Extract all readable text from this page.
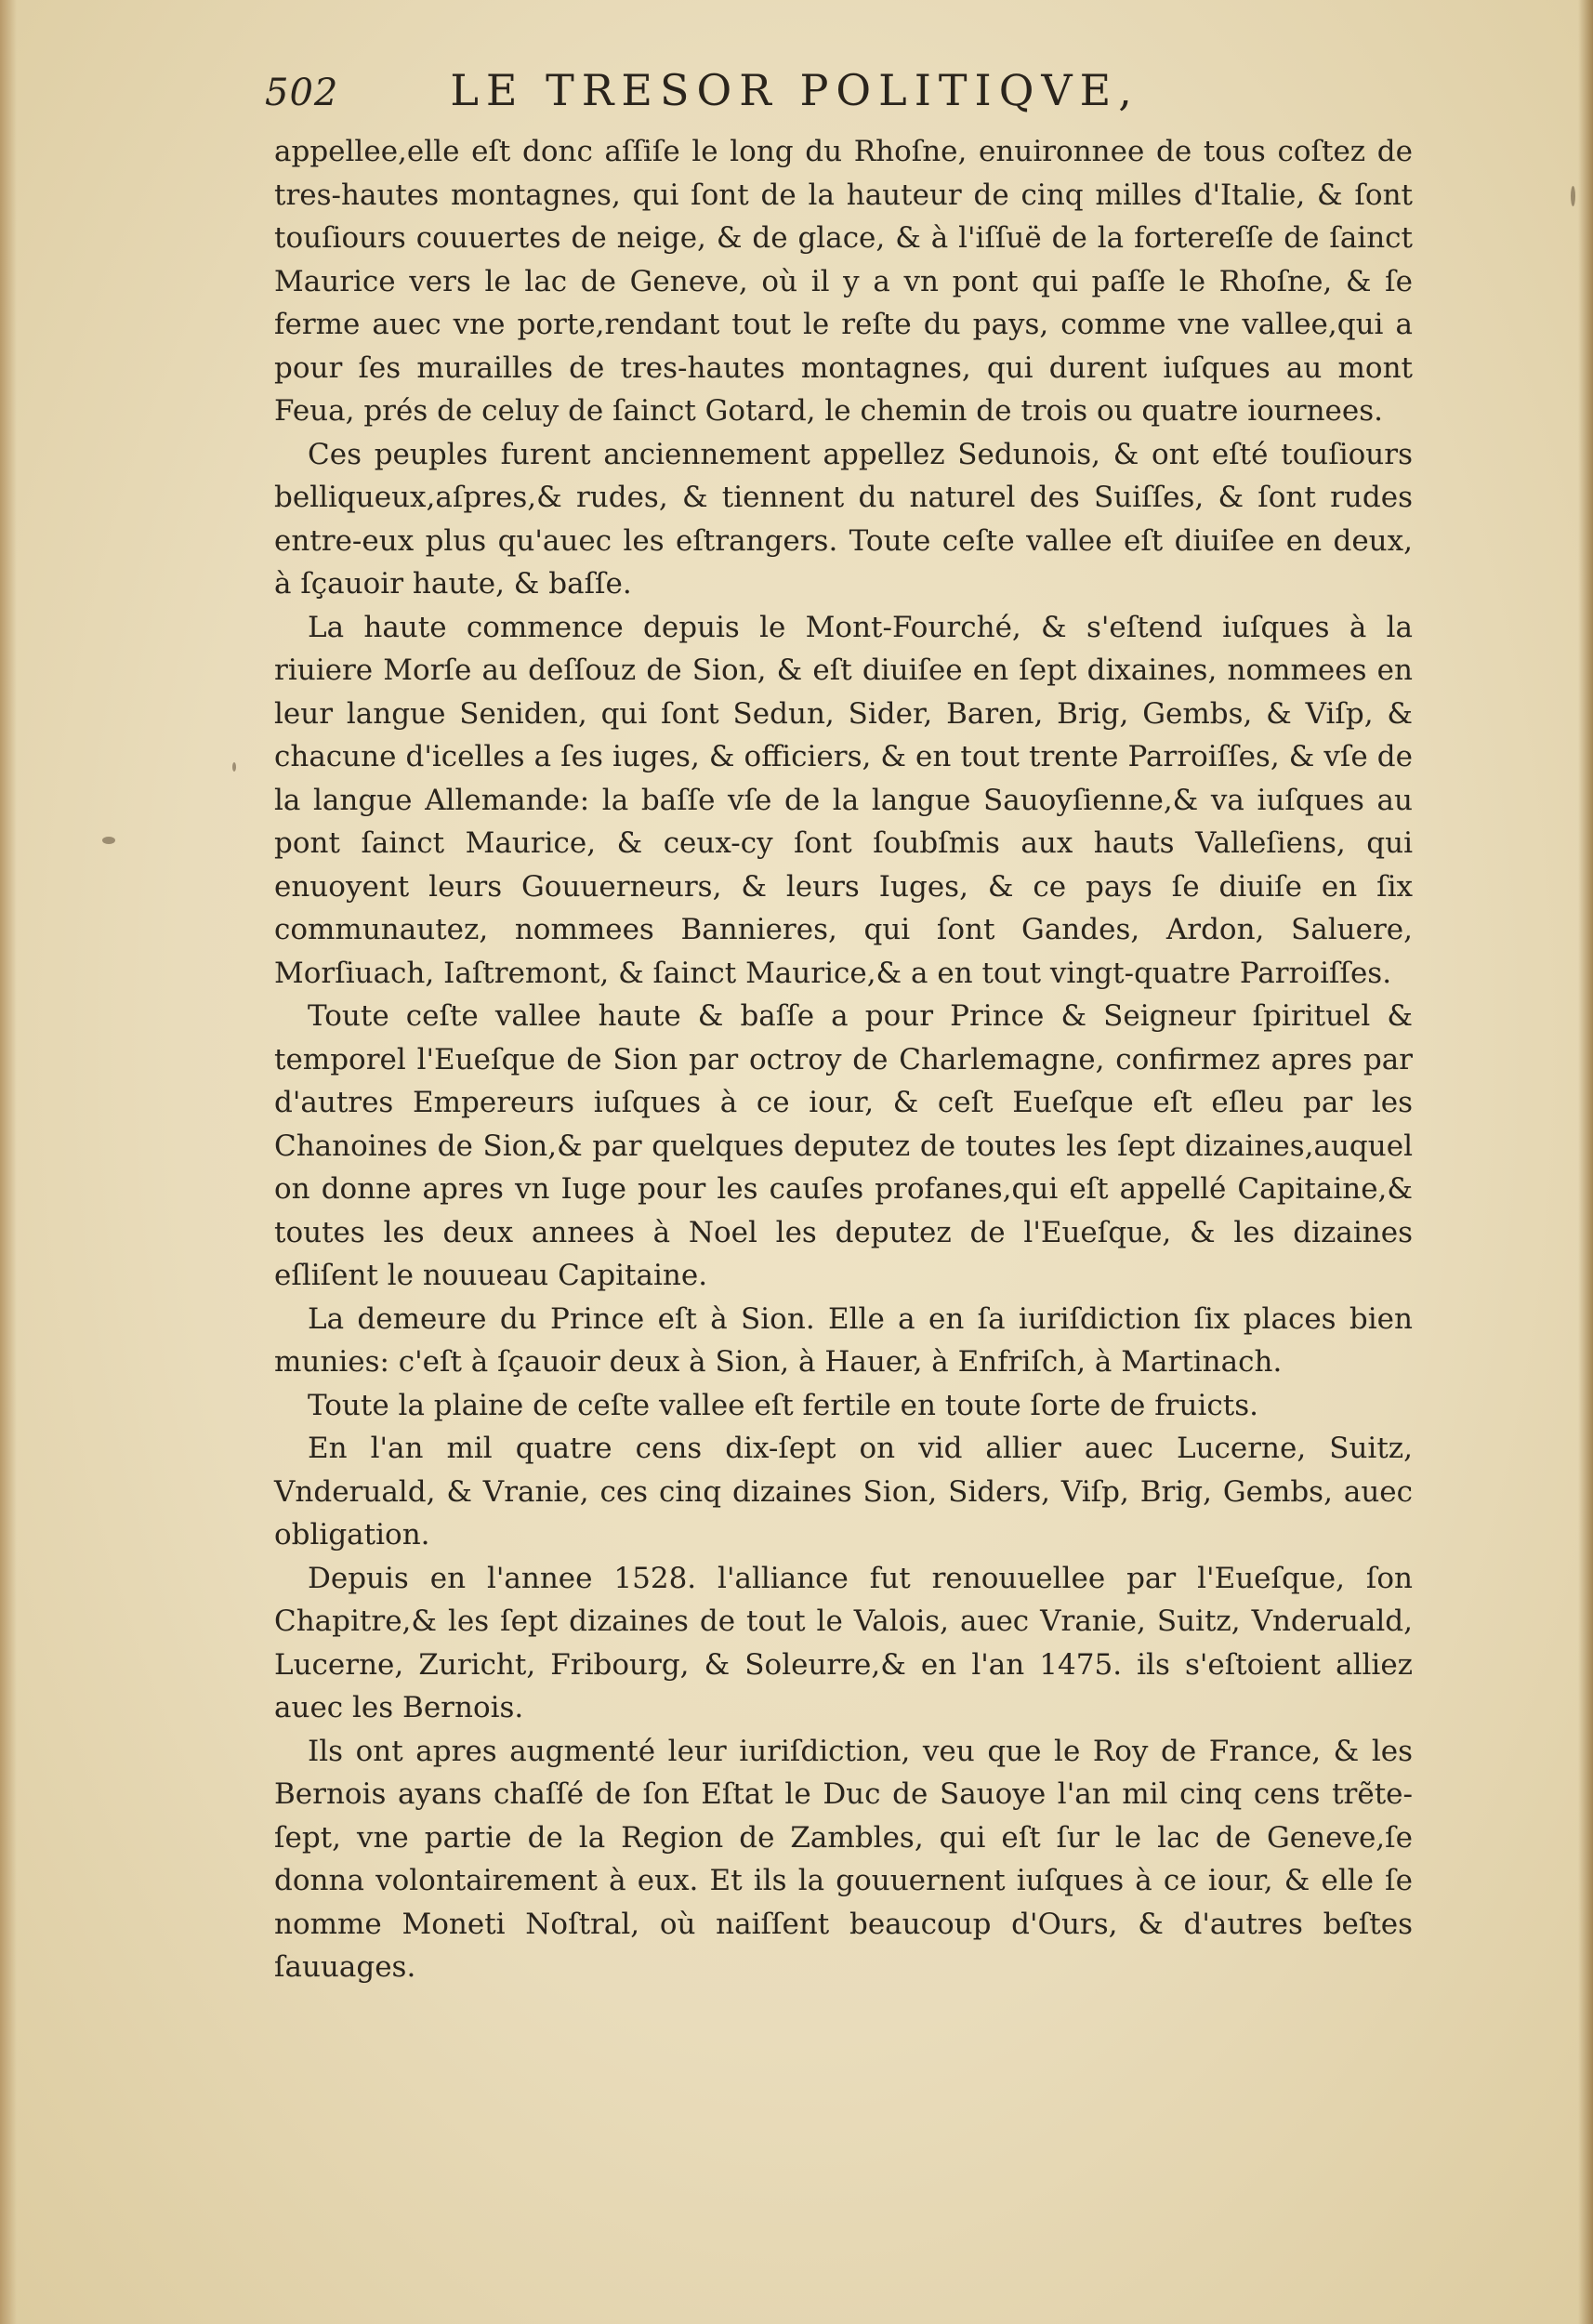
502	LE TRESOR POLITIQVE,

appellee,elle eſt donc aſſiſe le long du Rhoſne, enuironnee de tous coſtez de tres-hautes montagnes, qui ſont de la hauteur de cinq milles d'Italie, & ſont touſiours couuertes de neige, & de glace, & à l'iſſuë de la forterеſſe de ſainct Maurice vers le lac de Geneve, où il y a vn pont qui paſſe le Rhoſne, & ſe ferme auec vne porte,rendant tout le reſte du pays, comme vne vallee,qui a pour ſes murailles de tres-hautes montagnes, qui durent iuſques au mont Feua, prés de celuy de ſainct Gotard, le chemin de trois ou quatre iournees.

Ces peuples furent anciennement appellez Sedunois, & ont eſté touſiours belliqueux,aſpres,& rudes, & tiennent du naturel des Suiſſes, & ſont rudes entre-eux plus qu'auec les eſtrangers. Toute ceſte vallee eſt diuiſee en deux, à ſçauoir haute, & baſſe.

La haute commence depuis le Mont-Fourché, & s'eſtend iuſques à la riuiere Morſe au deſſouz de Sion, & eſt diuiſee en ſept dixaines, nommees en leur langue Seniden, qui ſont Sedun, Sider, Baren, Brig, Gembs, & Viſp, & chacune d'icelles a ſes iuges, & officiers, & en tout trente Parroiſſes, & vſe de la langue Allemande: la baſſe vſe de la langue Sauoyſienne,& va iuſques au pont ſainct Maurice, & ceux-cy ſont ſoubſmis aux hauts Valleſiens, qui enuoyent leurs Gouuerneurs, & leurs Iuges, & ce pays ſe diuiſe en ſix communautez, nommees Bannieres, qui ſont Gandes, Ardon, Saluere, Morſiuach, Iaſtremont, & ſainct Maurice,& a en tout vingt-quatre Parroiſſes.

Toute ceſte vallee haute & baſſe a pour Prince & Seigneur ſpirituel & temporel l'Eueſque de Sion par octroy de Charlemagne, confirmez apres par d'autres Empereurs iuſques à ce iour, & ceſt Eueſque eſt eſleu par les Chanoines de Sion,& par quelques deputez de toutes les ſept dizaines,auquel on donne apres vn Iuge pour les cauſes profanes,qui eſt appellé Capitaine,& toutes les deux annees à Noel les deputez de l'Eueſque, & les dizaines eſliſent le nouueau Capitaine.

La demeure du Prince eſt à Sion. Elle a en ſa iuriſdiction ſix places bien munies: c'eſt à ſçauoir deux à Sion, à Hauer, à Enfriſch, à Martinach.

Toute la plaine de ceſte vallee eſt fertile en toute ſorte de fruicts.

En l'an mil quatre cens dix-ſept on vid allier auec Lucerne, Suitz, Vnderuald, & Vranie, ces cinq dizaines Sion, Siders, Viſp, Brig, Gembs, auec obligation.

Depuis en l'annee 1528. l'alliance fut renouuellee par l'Eueſque, ſon Chapitre,& les ſept dizaines de tout le Valois, auec Vranie, Suitz, Vnderuald, Lucerne, Zuricht, Fribourg, & Soleurre,& en l'an 1475. ils s'eſtoient alliez auec les Bernois.

Ils ont apres augmenté leur iuriſdiction, veu que le Roy de France, & les Bernois ayans chaſſé de ſon Eſtat le Duc de Sauoye l'an mil cinq cens trẽte-ſept, vne partie de la Region de Zambles, qui eſt ſur le lac de Geneve,ſe donna volontairement à eux. Et ils la gouuernent iuſques à ce iour, & elle ſe nomme Moneti Noſtral, où naiſſent beaucoup d'Ours, & d'autres beſtes ſauuages.
